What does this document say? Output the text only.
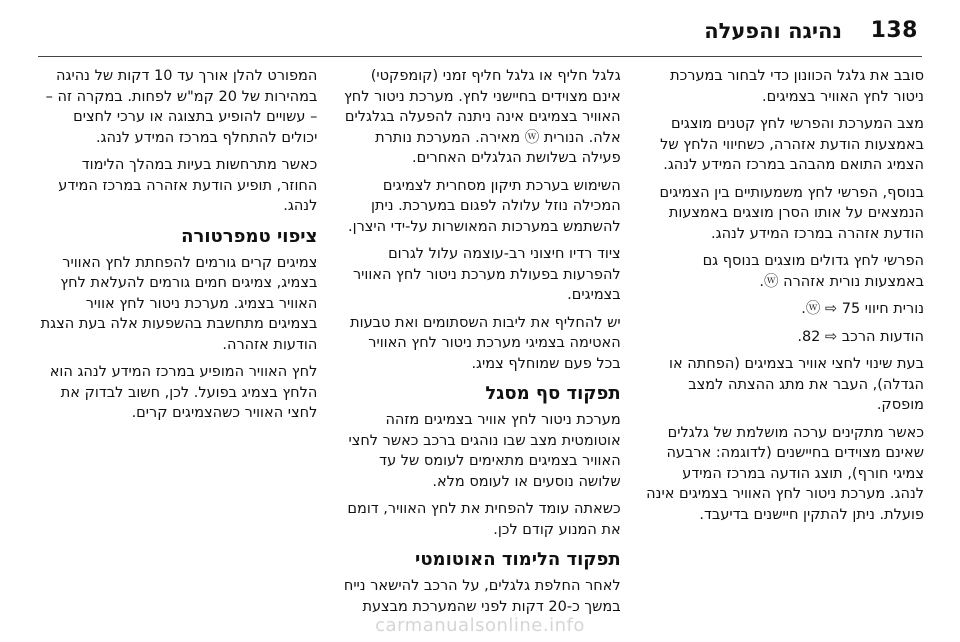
138
נהיגה והפעלה

סובב את גלגל הכוונון כדי לבחור במערכת ניטור לחץ האוויר בצמיגים.

מצב המערכת והפרשי לחץ קטנים מוצגים באמצעות הודעת אזהרה, כשחיווי הלחץ של הצמיג התואם מהבהב במרכז המידע לנהג.

בנוסף, הפרשי לחץ משמעותיים בין הצמיגים הנמצאים על אותו הסרן מוצגים באמצעות הודעת אזהרה במרכז המידע לנהג.

הפרשי לחץ גדולים מוצגים בנוסף גם באמצעות נורית אזהרה ⓦ.

נורית חיווי ⓦ ⇨ 75.

הודעות הרכב ⇨ 82.

בעת שינוי לחצי אוויר בצמיגים (הפחתה או הגדלה), העבר את מתג ההצתה למצב מופסק.

כאשר מתקינים ערכה מושלמת של גלגלים שאינם מצוידים בחיישנים (לדוגמה: ארבעה צמיגי חורף), תוצג הודעה במרכז המידע לנהג. מערכת ניטור לחץ האוויר בצמיגים אינה פועלת. ניתן להתקין חיישנים בדיעבד.

גלגל חליף או גלגל חליף זמני (קומפקטי) אינם מצוידים בחיישני לחץ. מערכת ניטור לחץ האוויר בצמיגים אינה ניתנה להפעלה בגלגלים אלה. הנורית ⓦ מאירה. המערכת נותרת פעילה בשלושת הגלגלים האחרים.

השימוש בערכת תיקון מסחרית לצמיגים המכילה נוזל עלולה לפגום במערכת. ניתן להשתמש במערכות המאושרות על-ידי היצרן.

ציוד רדיו חיצוני רב-עוצמה עלול לגרום להפרעות בפעולת מערכת ניטור לחץ האוויר בצמיגים.

יש להחליף את ליבות השסתומים ואת טבעות האטימה בצמיגי מערכת ניטור לחץ האוויר בכל פעם שמוחלף צמיג.

תפקוד סף מסגל

מערכת ניטור לחץ אוויר בצמיגים מזהה אוטומטית מצב שבו נוהגים ברכב כאשר לחצי האוויר בצמיגים מתאימים לעומס של עד שלושה נוסעים או לעומס מלא.

כשאתה עומד להפחית את לחץ האוויר, דומם את המנוע קודם לכן.

תפקוד הלימוד האוטומטי

לאחר החלפת גלגלים, על הרכב להישאר נייח במשך כ-20 דקות לפני שהמערכת מבצעת

המפורט להלן אורך עד 10 דקות של נהיגה במהירות של 20 קמ"ש לפחות. במקרה זה – – עשויים להופיע בתצוגה או ערכי לחצים יכולים להתחלף במרכז המידע לנהג.

כאשר מתרחשות בעיות במהלך הלימוד החוזר, תופיע הודעת אזהרה במרכז המידע לנהג.

ציפוי טמפרטורה

צמיגים קרים גורמים להפחתת לחץ האוויר בצמיג, צמיגים חמים גורמים להעלאת לחץ האוויר בצמיג. מערכת ניטור לחץ אוויר בצמיגים מתחשבת בהשפעות אלה בעת הצגת הודעות אזהרה.

לחץ האוויר המופיע במרכז המידע לנהג הוא הלחץ בצמיג בפועל. לכן, חשוב לבדוק את לחצי האוויר כשהצמיגים קרים.

carmanualsonline.info
